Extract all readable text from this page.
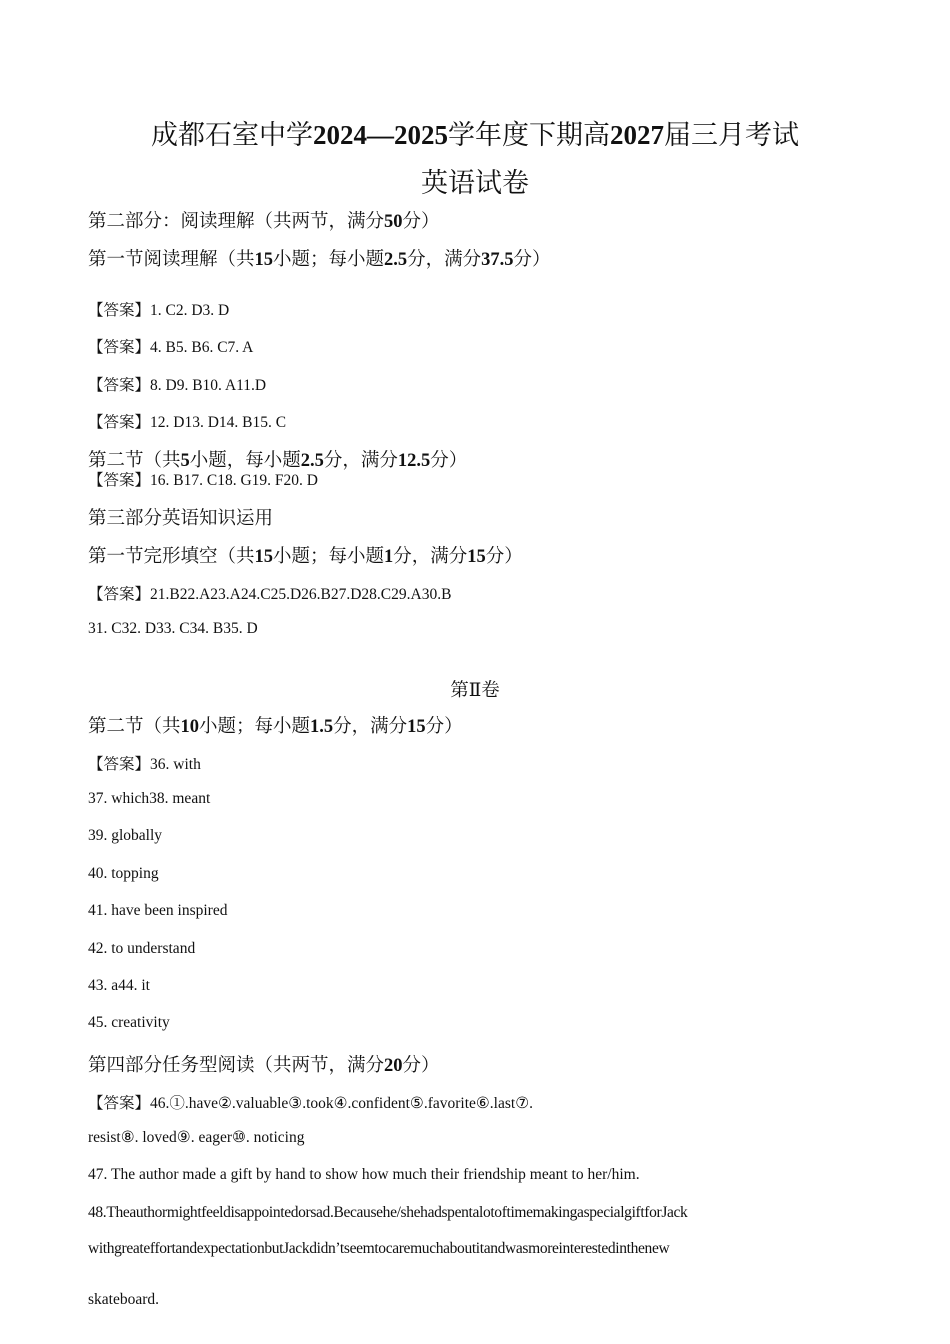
成都石室中学2024—2025学年度下期高2027届三月考试
英语试卷
第二部分：阅读理解（共两节，满分50分）
第一节阅读理解（共15小题；每小题2.5分，满分37.5分）
【答案】1. C2. D3. D
【答案】4. B5. B6. C7. A
【答案】8. D9. B10. A11.D
【答案】12. D13. D14. B15. C
第二节（共5小题，每小题2.5分，满分12.5分）
【答案】16. B17. C18. G19. F20. D
第三部分英语知识运用
第一节完形填空（共15小题；每小题1分，满分15分）
【答案】21.B22.A23.A24.C25.D26.B27.D28.C29.A30.B
31. C32. D33. C34. B35. D
第Ⅱ卷
第二节（共10小题；每小题1.5分，满分15分）
【答案】36. with
37. which38. meant
39. globally
40. topping
41. have been inspired
42. to understand
43. a44. it
45. creativity
第四部分任务型阅读（共两节，满分20分）
【答案】46.①.have②.valuable③.took④.confident⑤.favorite⑥.last⑦.
resist⑧. loved⑨. eager⑩. noticing
47. The author made a gift by hand to show how much their friendship meant to her/him.
48.Theauthormightfeeldisappointedorsad.Becausehe/shehadspentalotoftimemakingaspecialgiftforJack
withgreateffortandexpectationbutJackdidn’tseemtocaremuchaboutitandwasmoreinterestedinthenew
skateboard.
